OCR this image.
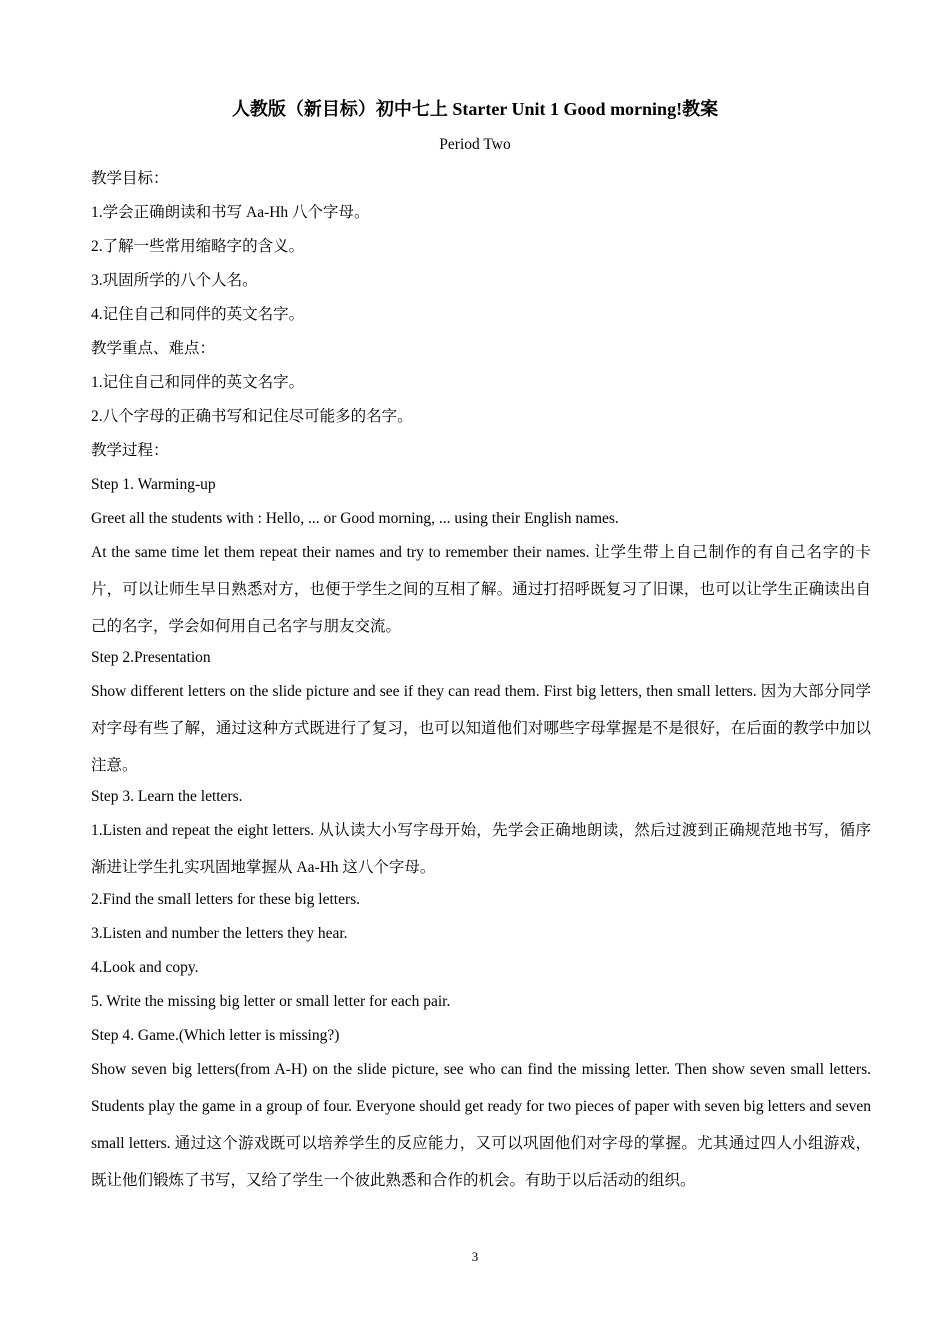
人教版（新目标）初中七上 Starter Unit 1 Good morning!教案
Period Two
教学目标：
1.学会正确朗读和书写 Aa-Hh 八个字母。
2.了解一些常用缩略字的含义。
3.巩固所学的八个人名。
4.记住自己和同伴的英文名字。
教学重点、难点：
1.记住自己和同伴的英文名字。
2.八个字母的正确书写和记住尽可能多的名字。
教学过程：
Step 1. Warming-up
Greet all the students with : Hello, ... or Good morning, ... using their English names.
At the same time let them repeat their names and try to remember their names. 让学生带上自己制作的有自己名字的卡片，可以让师生早日熟悉对方，也便于学生之间的互相了解。通过打招呼既复习了旧课，也可以让学生正确读出自己的名字，学会如何用自己名字与朋友交流。
Step 2.Presentation
Show different letters on the slide picture and see if they can read them. First big letters, then small letters. 因为大部分同学对字母有些了解，通过这种方式既进行了复习，也可以知道他们对哪些字母掌握是不是很好，在后面的教学中加以注意。
Step 3. Learn the letters.
1.Listen and repeat the eight letters. 从认读大小写字母开始，先学会正确地朗读，然后过渡到正确规范地书写，循序渐进让学生扎实巩固地掌握从 Aa-Hh 这八个字母。
2.Find the small letters for these big letters.
3.Listen and number the letters they hear.
4.Look and copy.
5. Write the missing big letter or small letter for each pair.
Step 4. Game.(Which letter is missing?)
Show seven big letters(from A-H) on the slide picture, see who can find the missing letter. Then show seven small letters. Students play the game in a group of four. Everyone should get ready for two pieces of paper with seven big letters and seven small letters. 通过这个游戏既可以培养学生的反应能力，又可以巩固他们对字母的掌握。尤其通过四人小组游戏，既让他们锻炼了书写，又给了学生一个彼此熟悉和合作的机会。有助于以后活动的组织。
3
